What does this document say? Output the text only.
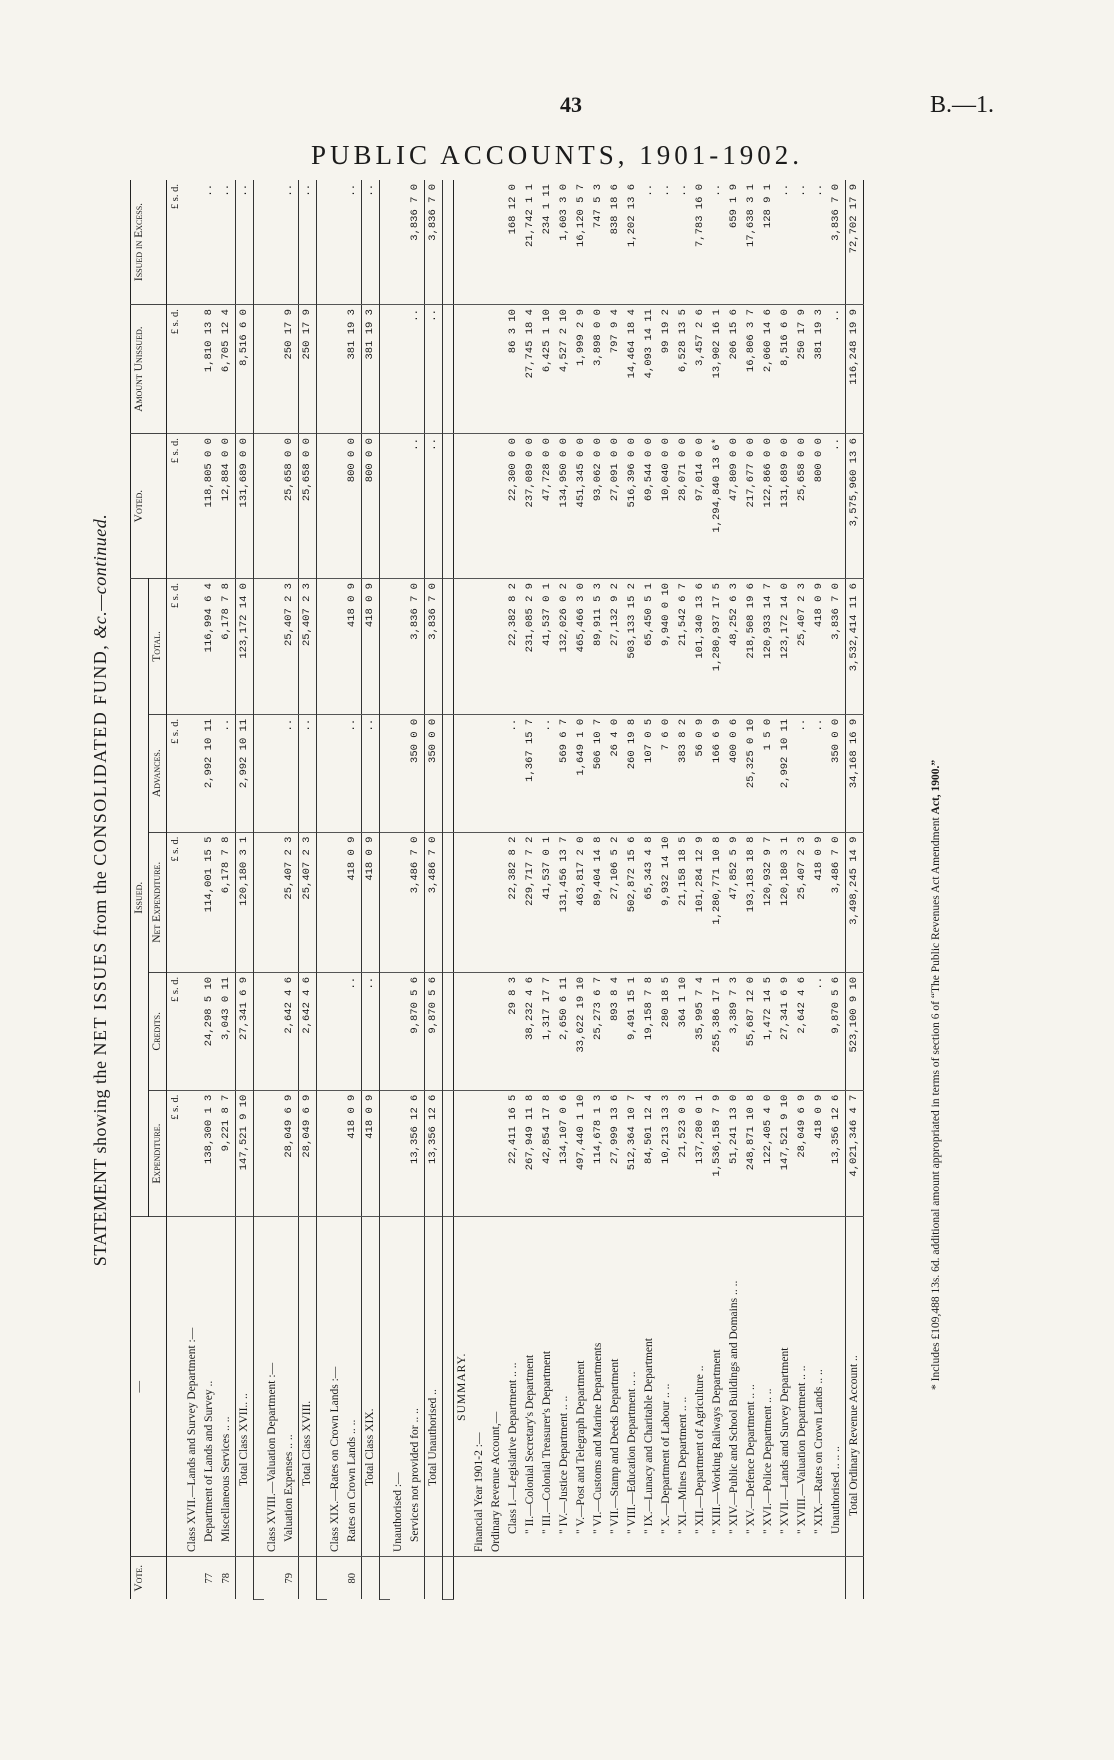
43	B.—1.
PUBLIC ACCOUNTS, 1901-1902.
STATEMENT showing the NET ISSUES from the CONSOLIDATED FUND, &c.—continued.
Vote.	—	Issued.					Voted.	Amount Unissued.	Issued in Excess.
		Expenditure.	Credits.	Net Expenditure.	Advances.	Total.			
		£ s. d.	£ s. d.	£ s. d.	£ s. d.	£ s. d.	£ s. d.	£ s. d.	£ s. d.
	Class XVII.—Lands and Survey Department :—								
77	Department of Lands and Survey ..	138,300 1 3	24,298 5 10	114,001 15 5	2,992 10 11	116,994 6 4	118,805 0 0	1,810 13 8	..
78	Miscellaneous Services .. ..	9,221 8 7	3,043 0 11	6,178 7 8	..	6,178 7 8	12,884 0 0	6,705 12 4	..
	Total Class XVII.. ..	147,521 9 10	27,341 6 9	120,180 3 1	2,992 10 11	123,172 14 0	131,689 0 0	8,516 6 0	..

	Class XVIII.—Valuation Department :—								
79	Valuation Expenses .. ..	28,049 6 9	2,642 4 6	25,407 2 3	..	25,407 2 3	25,658 0 0	250 17 9	..
	Total Class XVIII.	28,049 6 9	2,642 4 6	25,407 2 3	..	25,407 2 3	25,658 0 0	250 17 9	..

	Class XIX.—Rates on Crown Lands :—								
80	Rates on Crown Lands .. ..	418 0 9	..	418 0 9	..	418 0 9	800 0 0	381 19 3	..
	Total Class XIX.	418 0 9	..	418 0 9	..	418 0 9	800 0 0	381 19 3	..

	Unauthorised :—								
	Services not provided for .. ..	13,356 12 6	9,870 5 6	3,486 7 0	350 0 0	3,836 7 0	..	..	3,836 7 0
	Total Unauthorised ..	13,356 12 6	9,870 5 6	3,486 7 0	350 0 0	3,836 7 0	..	..	3,836 7 0

	SUMMARY.								
	Financial Year 1901-2 :—								
	Ordinary Revenue Account,—								
	Class I.—Legislative Department .. ..	22,411 16 5	29 8 3	22,382 8 2	..	22,382 8 2	22,300 0 0	86 3 10	168 12 0
	" II.—Colonial Secretary's Department	267,949 11 8	38,232 4 6	229,717 7 2	1,367 15 7	231,085 2 9	237,089 0 0	27,745 18 4	21,742 1 1
	" III.—Colonial Treasurer's Department	42,854 17 8	1,317 17 7	41,537 0 1	..	41,537 0 1	47,728 0 0	6,425 1 10	234 1 11
	" IV.—Justice Department .. ..	134,107 0 6	2,650 6 11	131,456 13 7	569 6 7	132,026 0 2	134,950 0 0	4,527 2 10	1,603 3 0
	" V.—Post and Telegraph Department	497,440 1 10	33,622 19 10	463,817 2 0	1,649 1 0	465,466 3 0	451,345 0 0	1,999 2 9	16,120 5 7
	" VI.—Customs and Marine Departments	114,678 1 3	25,273 6 7	89,404 14 8	506 10 7	89,911 5 3	93,062 0 0	3,898 0 0	747 5 3
	" VII.—Stamp and Deeds Department	27,999 13 6	893 8 4	27,106 5 2	26 4 0	27,132 9 2	27,091 0 0	797 9 4	838 18 6
	" VIII.—Education Department .. ..	512,364 10 7	9,491 15 1	502,872 15 6	260 19 8	503,133 15 2	516,396 0 0	14,464 18 4	1,202 13 6
	" IX.—Lunacy and Charitable Department	84,501 12 4	19,158 7 8	65,343 4 8	107 0 5	65,450 5 1	69,544 0 0	4,093 14 11	..
	" X.—Department of Labour .. ..	10,213 13 3	280 18 5	9,932 14 10	7 6 0	9,940 0 10	10,040 0 0	99 19 2	..
	" XI.—Mines Department .. ..	21,523 0 3	364 1 10	21,158 18 5	383 8 2	21,542 6 7	28,071 0 0	6,528 13 5	..
	" XII.—Department of Agriculture ..	137,280 0 1	35,995 7 4	101,284 12 9	56 0 9	101,340 13 6	97,014 0 0	3,457 2 6	7,783 16 0
	" XIII.—Working Railways Department	1,536,158 7 9	255,386 17 1	1,280,771 10 8	166 6 9	1,280,937 17 5	1,294,840 13 6*	13,902 16 1	..
	" XIV.—Public and School Buildings and Domains .. ..	51,241 13 0	3,389 7 3	47,852 5 9	400 0 6	48,252 6 3	47,809 0 0	206 15 6	659 1 9
	" XV.—Defence Department .. ..	248,871 10 8	55,687 12 0	193,183 18 8	25,325 0 10	218,508 19 6	217,677 0 0	16,806 3 7	17,638 3 1
	" XVI.—Police Department .. ..	122,405 4 0	1,472 14 5	120,932 9 7	1 5 0	120,933 14 7	122,866 0 0	2,060 14 6	128 9 1
	" XVII.—Lands and Survey Department	147,521 9 10	27,341 6 9	120,180 3 1	2,992 10 11	123,172 14 0	131,689 0 0	8,516 6 0	..
	" XVIII.—Valuation Department .. ..	28,049 6 9	2,642 4 6	25,407 2 3	..	25,407 2 3	25,658 0 0	250 17 9	..
	" XIX.—Rates on Crown Lands .. ..	418 0 9	..	418 0 9	..	418 0 9	800 0 0	381 19 3	..
	Unauthorised .. .. ..	13,356 12 6	9,870 5 6	3,486 7 0	350 0 0	3,836 7 0	..	..	3,836 7 0
	Total Ordinary Revenue Account ..	4,021,346 4 7	523,100 9 10	3,498,245 14 9	34,168 16 9	3,532,414 11 6	3,575,960 13 6	116,248 19 9	72,702 17 9
* Includes £109,488 13s. 6d. additional amount appropriated in terms of section 6 of “The Public Revenues Act Amendment Act, 1900.”
